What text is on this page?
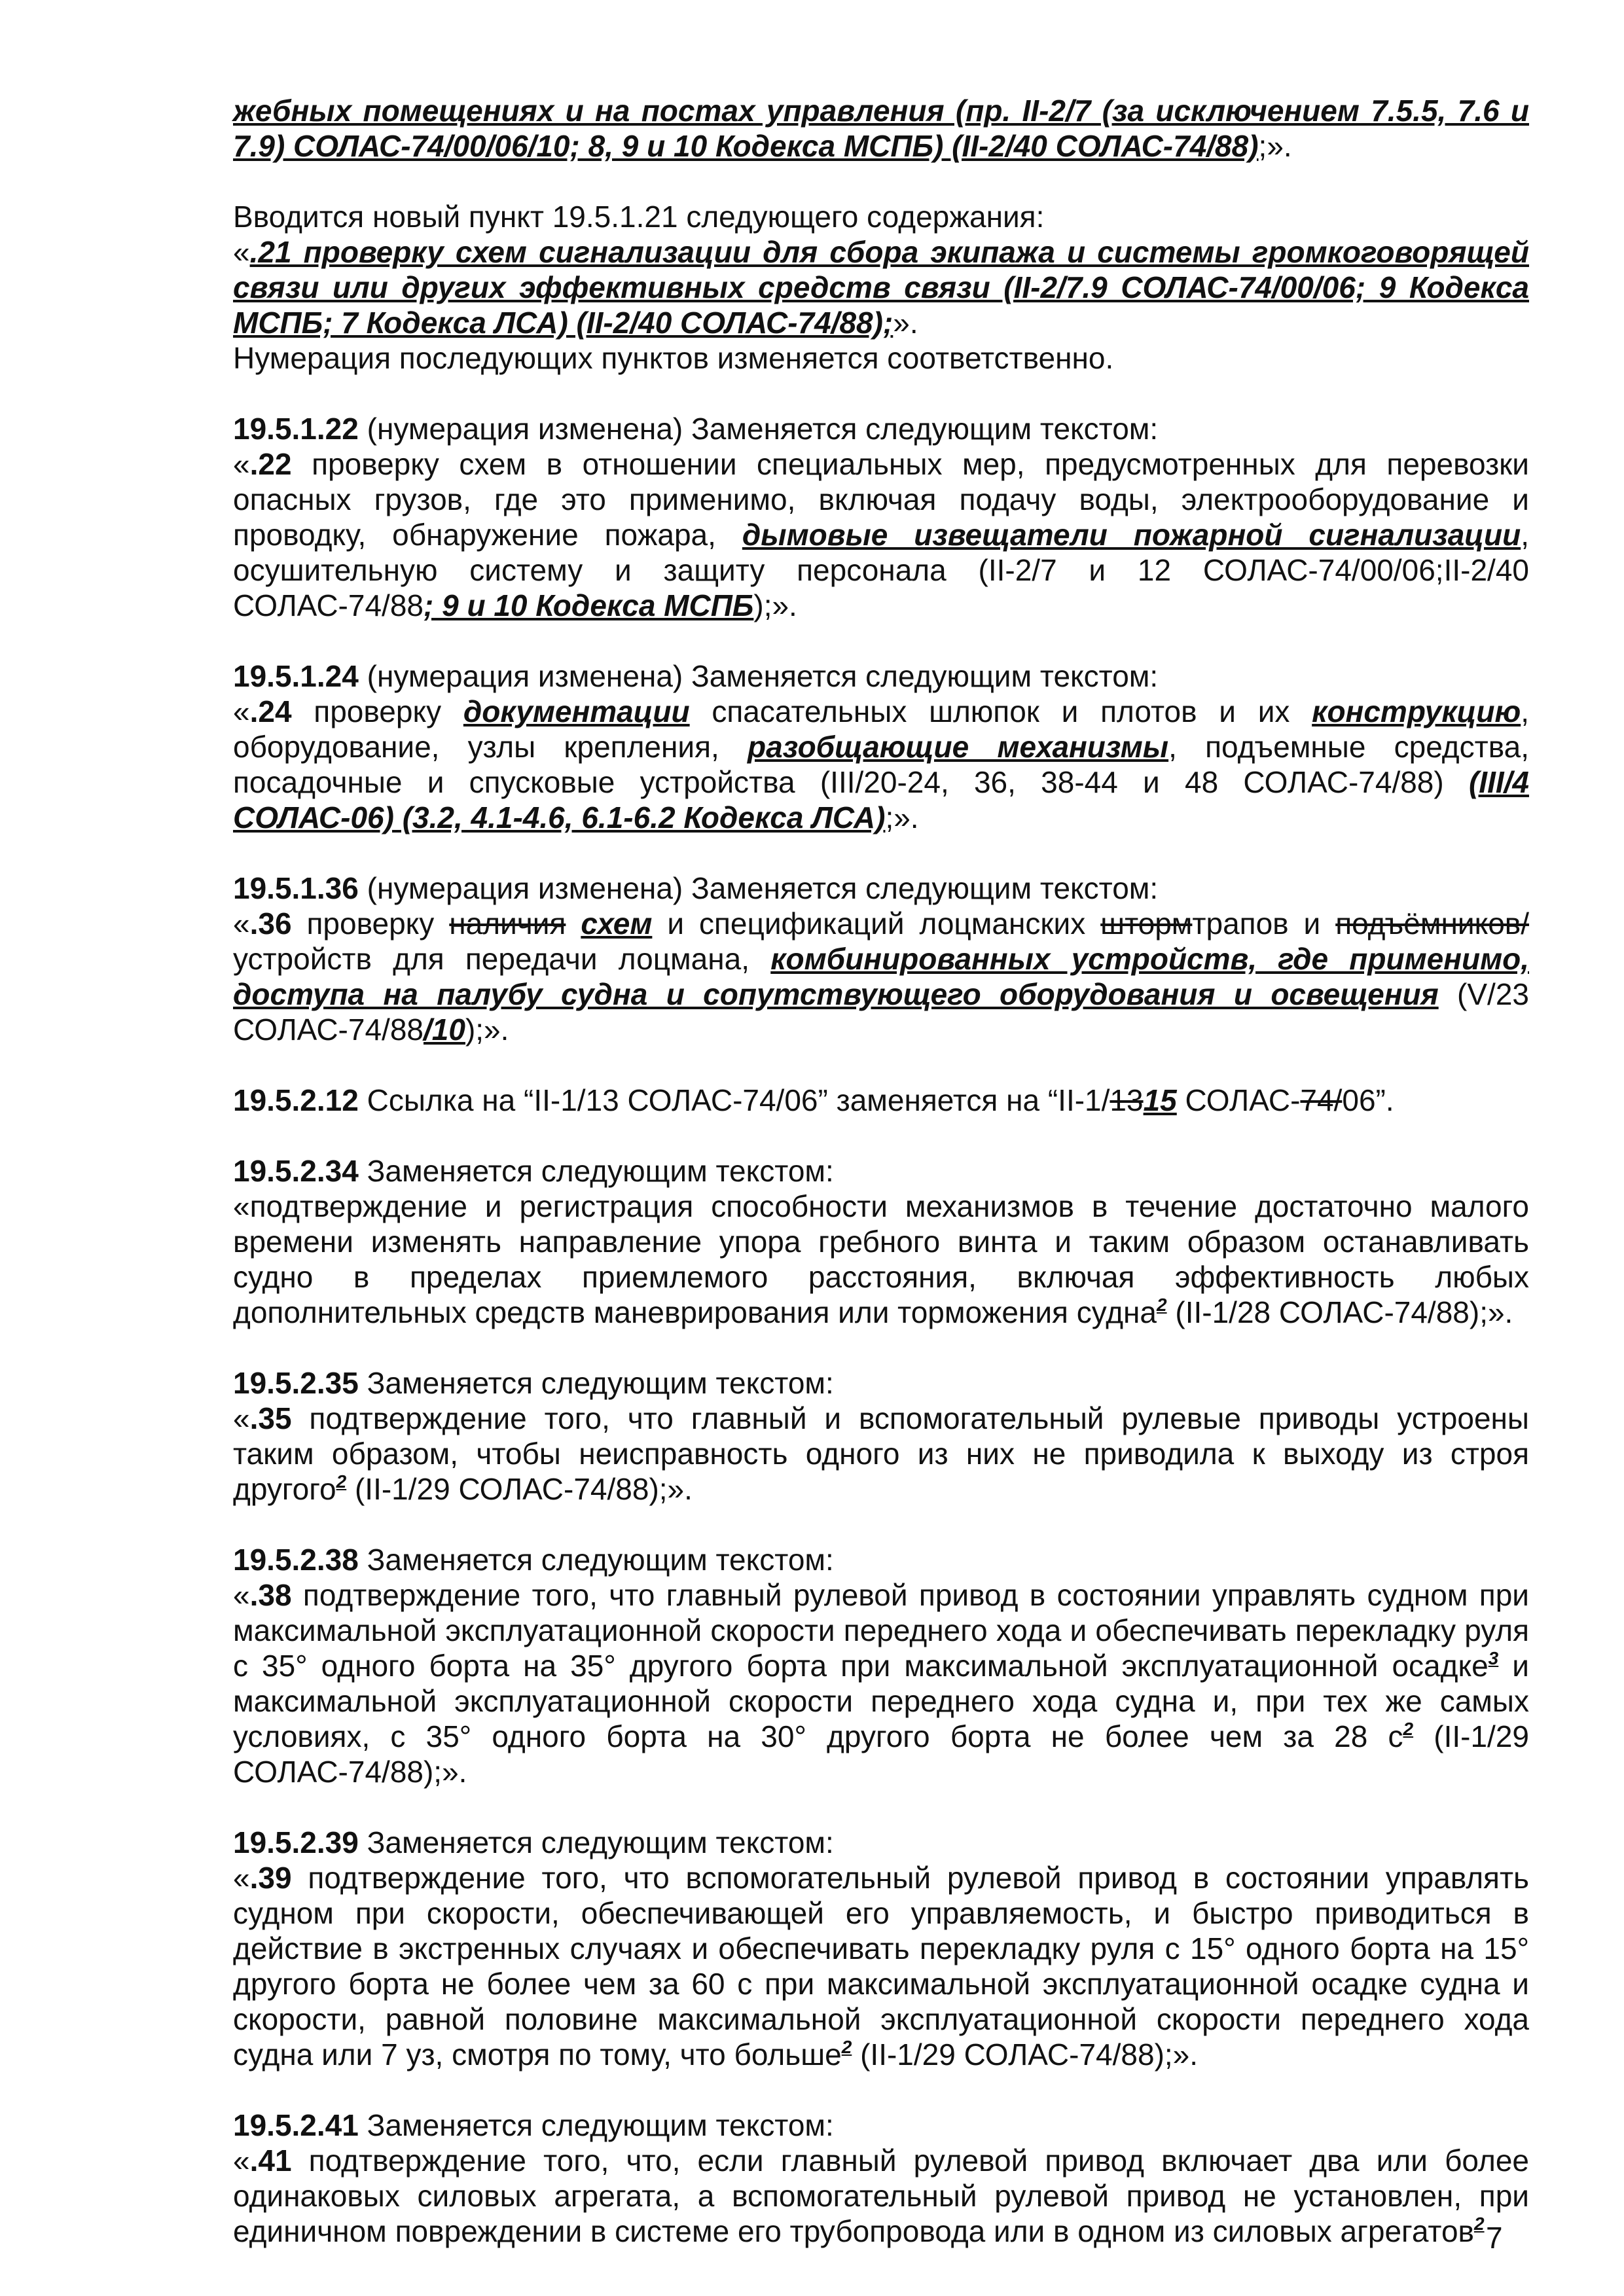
жебных помещениях и на постах управления (пр. II-2/7 (за исключением 7.5.5, 7.6 и 7.9) СОЛАС-74/00/06/10; 8, 9 и 10 Кодекса МСПБ) (II-2/40 СОЛАС-74/88);».

Вводится новый пункт 19.5.1.21 следующего содержания:

«.21 проверку схем сигнализации для сбора экипажа и системы громкоговорящей связи или других эффективных средств связи (II-2/7.9 СОЛАС-74/00/06; 9 Кодекса МСПБ; 7 Кодекса ЛСА) (II-2/40 СОЛАС-74/88);».

Нумерация последующих пунктов изменяется соответственно.

19.5.1.22 (нумерация изменена) Заменяется следующим текстом:

«.22 проверку схем в отношении специальных мер, предусмотренных для перевозки опасных грузов, где это применимо, включая подачу воды, электрооборудование и проводку, обнаружение пожара, дымовые извещатели пожарной сигнализации, осушительную систему и защиту персонала (II-2/7 и 12 СОЛАС-74/00/06;II-2/40 СОЛАС-74/88; 9 и 10 Кодекса МСПБ);».

19.5.1.24 (нумерация изменена) Заменяется следующим текстом:

«.24 проверку документации спасательных шлюпок и плотов и их конструкцию, оборудование, узлы крепления, разобщающие механизмы, подъемные средства, посадочные и спусковые устройства (III/20-24, 36, 38-44 и 48 СОЛАС-74/88) (III/4 СОЛАС-06) (3.2, 4.1-4.6, 6.1-6.2 Кодекса ЛСА);».

19.5.1.36 (нумерация изменена) Заменяется следующим текстом:

«.36 проверку наличия схем и спецификаций лоцманских штормтрапов и подъёмников/устройств для передачи лоцмана, комбинированных устройств, где применимо, доступа на палубу судна и сопутствующего оборудования и освещения (V/23 СОЛАС-74/88/10);».

19.5.2.12 Ссылка на “II-1/13 СОЛАС-74/06” заменяется на “II-1/1315 СОЛАС-74/06”.

19.5.2.34 Заменяется следующим текстом:

«подтверждение и регистрация способности механизмов в течение достаточно малого времени изменять направление упора гребного винта и таким образом останавливать судно в пределах приемлемого расстояния, включая эффективность любых дополнительных средств маневрирования или торможения судна$^2$ (II-1/28 СОЛАС-74/88);».

19.5.2.35 Заменяется следующим текстом:

«.35 подтверждение того, что главный и вспомогательный рулевые приводы устроены таким образом, чтобы неисправность одного из них не приводила к выходу из строя другого$^2$ (II-1/29 СОЛАС-74/88);».

19.5.2.38 Заменяется следующим текстом:

«.38 подтверждение того, что главный рулевой привод в состоянии управлять судном при максимальной эксплуатационной скорости переднего хода и обеспечивать перекладку руля с 35° одного борта на 35° другого борта при максимальной эксплуатационной осадке$^3$ и максимальной эксплуатационной скорости переднего хода судна и, при тех же самых условиях, с 35° одного борта на 30° другого борта не более чем за 28 с$^2$ (II-1/29 СОЛАС-74/88);».

19.5.2.39 Заменяется следующим текстом:

«.39 подтверждение того, что вспомогательный рулевой привод в состоянии управлять судном при скорости, обеспечивающей его управляемость, и быстро приводиться в действие в экстренных случаях и обеспечивать перекладку руля с 15° одного борта на 15° другого борта не более чем за 60 с при максимальной эксплуатационной осадке судна и скорости, равной половине максимальной эксплуатационной скорости переднего хода судна или 7 уз, смотря по тому, что больше$^2$ (II-1/29 СОЛАС-74/88);».

19.5.2.41 Заменяется следующим текстом:

«.41 подтверждение того, что, если главный рулевой привод включает два или более одинаковых силовых агрегата, а вспомогательный рулевой привод не установлен, при единичном повреждении в системе его трубопровода или в одном из силовых агрегатов$^2$ 7
